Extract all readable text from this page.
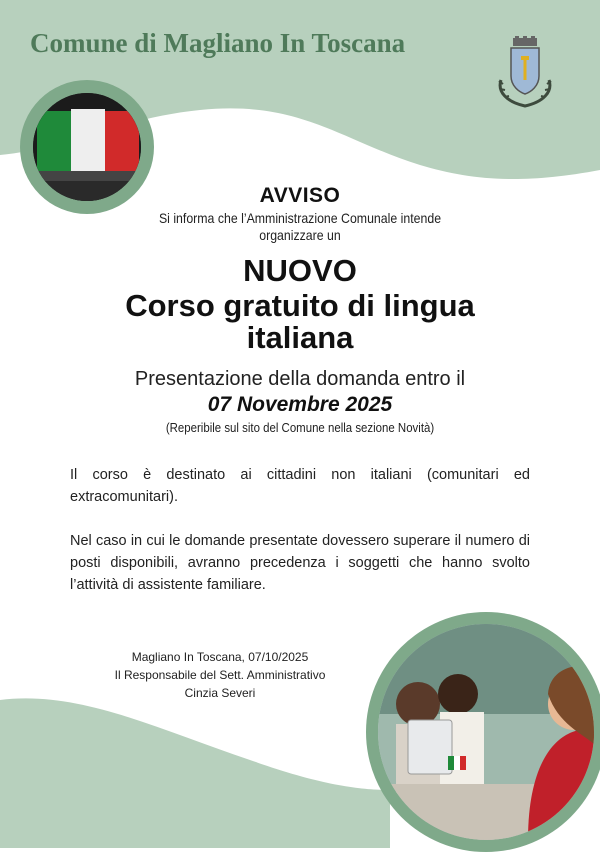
Comune di Magliano In Toscana
AVVISO
Si informa che l’Amministrazione Comunale intende
organizzare un
NUOVO
Corso gratuito di lingua
italiana
Presentazione della domanda entro il
07 Novembre 2025
(Reperibile sul sito del Comune nella sezione Novità)
Il corso è destinato ai cittadini non italiani (comunitari ed extracomunitari).
Nel caso in cui le domande presentate dovessero superare il numero di posti disponibili, avranno precedenza i soggetti che hanno svolto l’attività di assistente familiare.
Magliano In Toscana, 07/10/2025
Il Responsabile del Sett. Amministrativo
Cinzia Severi
